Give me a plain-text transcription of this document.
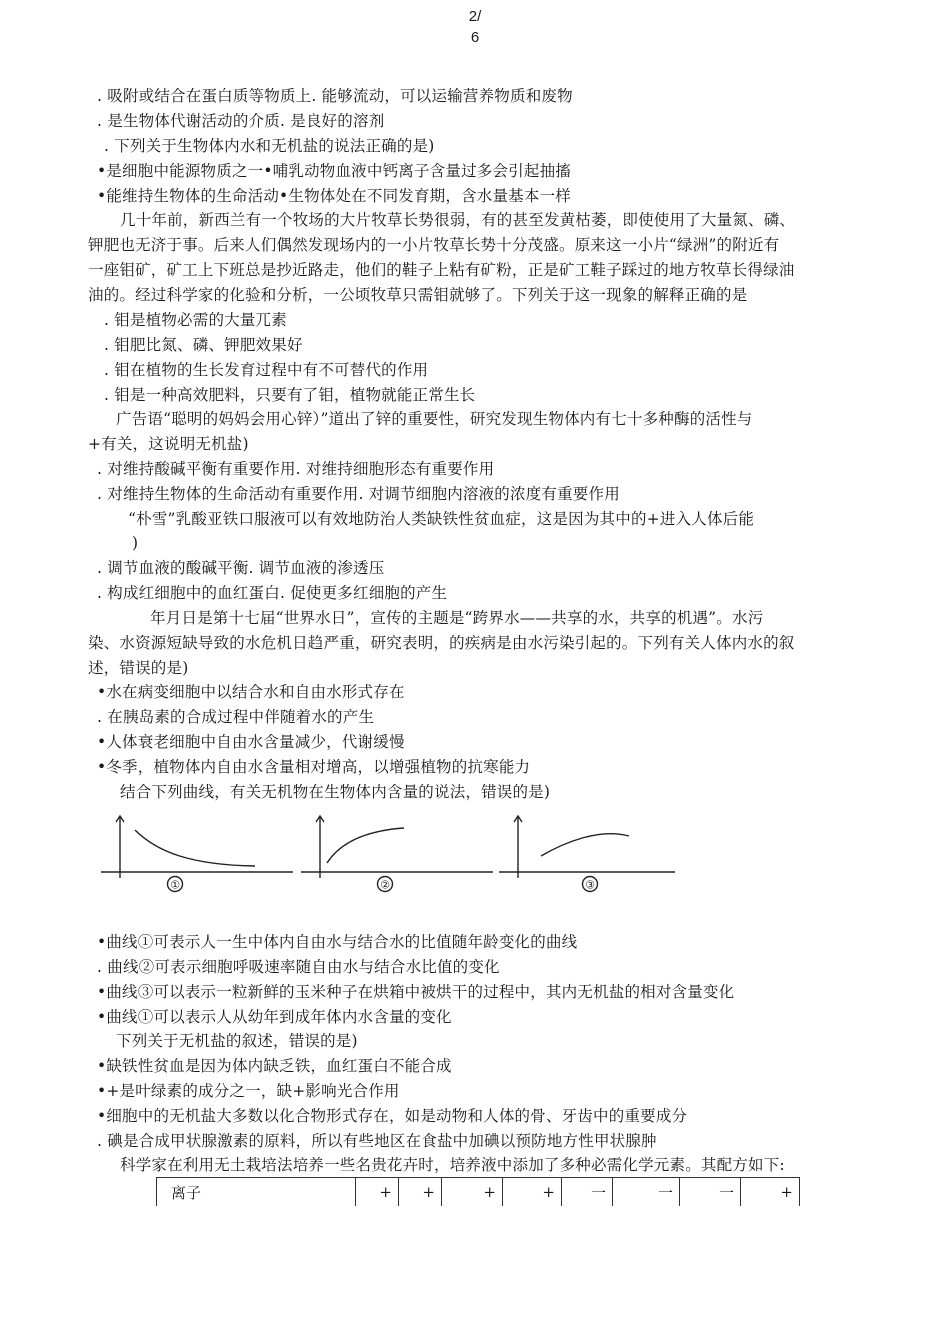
2/
6
. 吸附或结合在蛋白质等物质上. 能够流动，可以运输营养物质和废物
. 是生物体代谢活动的介质. 是良好的溶剂
. 下列关于生物体内水和无机盐的说法正确的是)
•是细胞中能源物质之一•哺乳动物血液中钙离子含量过多会引起抽搐
•能维持生物体的生命活动•生物体处在不同发育期，含水量基本一样
几十年前，新西兰有一个牧场的大片牧草长势很弱，有的甚至发黄枯萎，即使使用了大量氮、磷、
钾肥也无济于事。后来人们偶然发现场内的一小片牧草长势十分茂盛。原来这一小片“绿洲”的附近有
一座钼矿，矿工上下班总是抄近路走，他们的鞋子上粘有矿粉，正是矿工鞋子踩过的地方牧草长得绿油
油的。经过科学家的化验和分析，一公顷牧草只需钼就够了。下列关于这一现象的解释正确的是
. 钼是植物必需的大量兀素
. 钼肥比氮、磷、钾肥效果好
. 钼在植物的生长发育过程中有不可替代的作用
. 钼是一种高效肥料，只要有了钼，植物就能正常生长
广告语“聪明的妈妈会用心锌）”道出了锌的重要性，研究发现生物体内有七十多种酶的活性与
+有关，这说明无机盐)
. 对维持酸碱平衡有重要作用. 对维持细胞形态有重要作用
. 对维持生物体的生命活动有重要作用. 对调节细胞内溶液的浓度有重要作用
“朴雪”乳酸亚铁口服液可以有效地防治人类缺铁性贫血症，这是因为其中的+进入人体后能
)
. 调节血液的酸碱平衡. 调节血液的渗透压
. 构成红细胞中的血红蛋白. 促使更多红细胞的产生
年月日是第十七届“世界水日”，宣传的主题是“跨界水——共享的水，共享的机遇”。水污
染、水资源短缺导致的水危机日趋严重，研究表明，的疾病是由水污染引起的。下列有关人体内水的叙
述，错误的是)
•水在病变细胞中以结合水和自由水形式存在
. 在胰岛素的合成过程中伴随着水的产生
•人体衰老细胞中自由水含量减少，代谢缓慢
•冬季，植物体内自由水含量相对增高，以增强植物的抗寒能力
结合下列曲线，有关无机物在生物体内含量的说法，错误的是)
①	②	③
•曲线①可表示人一生中体内自由水与结合水的比值随年龄变化的曲线
. 曲线②可表示细胞呼吸速率随自由水与结合水比值的变化
•曲线③可以表示一粒新鲜的玉米种子在烘箱中被烘干的过程中，其内无机盐的相对含量变化
•曲线①可以表示人从幼年到成年体内水含量的变化
下列关于无机盐的叙述，错误的是)
•缺铁性贫血是因为体内缺乏铁，血红蛋白不能合成
•+是叶绿素的成分之一，缺+影响光合作用
•细胞中的无机盐大多数以化合物形式存在，如是动物和人体的骨、牙齿中的重要成分
. 碘是合成甲状腺激素的原料，所以有些地区在食盐中加碘以预防地方性甲状腺肿
科学家在利用无土栽培法培养一些名贵花卉时，培养液中添加了多种必需化学元素。其配方如下:
离子	+	+	+	+	一	一	一	+
